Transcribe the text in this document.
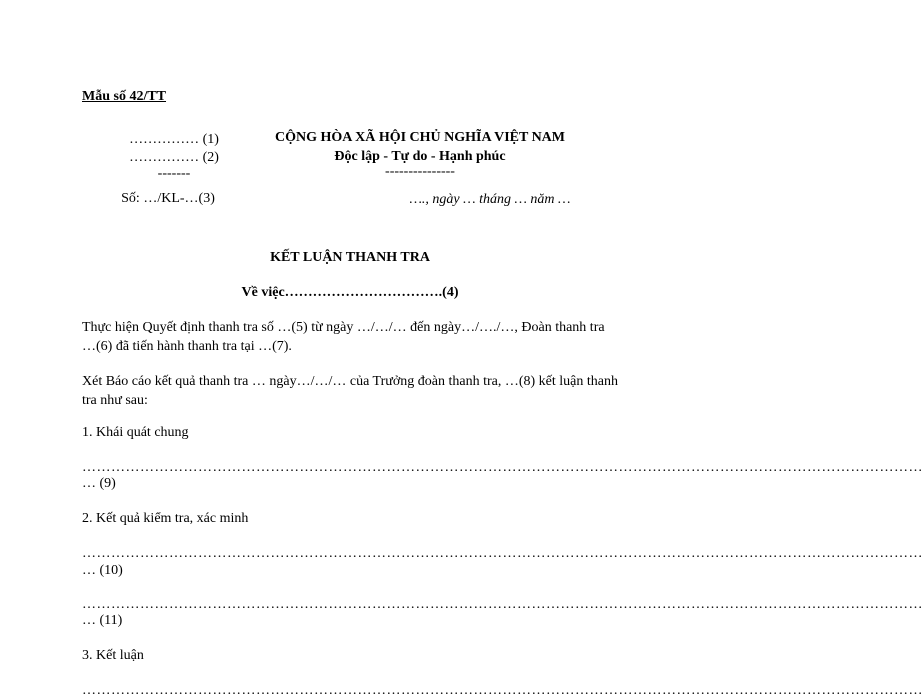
Mẫu số 42/TT
…………… (1)
…………… (2)
-------
Số: …/KL-…(3)
CỘNG HÒA XÃ HỘI CHỦ NGHĨA VIỆT NAM
Độc lập - Tự do - Hạnh phúc
---------------
…., ngày … tháng … năm …
KẾT LUẬN THANH TRA
Về việc…………………………….(4)
Thực hiện Quyết định thanh tra số …(5) từ ngày …/…/… đến ngày…/…./…, Đoàn thanh tra …(6) đã tiến hành thanh tra tại …(7).
Xét Báo cáo kết quả thanh tra … ngày…/…/… của Trưởng đoàn thanh tra, …(8) kết luận thanh tra như sau:
1. Khái quát chung
…………………………………………………………………………………………………………………………………………………………
… (9)
2. Kết quả kiểm tra, xác minh
…………………………………………………………………………………………………………………………………………………………
… (10)
…………………………………………………………………………………………………………………………………………………………
… (11)
3. Kết luận
…………………………………………………………………………………………………………………………………………………………
